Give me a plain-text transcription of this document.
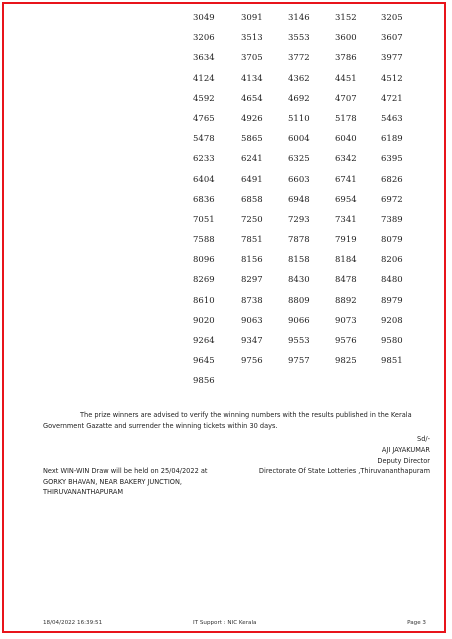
3049	3091	3146	3152	3205
3206	3513	3553	3600	3607
3634	3705	3772	3786	3977
4124	4134	4362	4451	4512
4592	4654	4692	4707	4721
4765	4926	5110	5178	5463
5478	5865	6004	6040	6189
6233	6241	6325	6342	6395
6404	6491	6603	6741	6826
6836	6858	6948	6954	6972
7051	7250	7293	7341	7389
7588	7851	7878	7919	8079
8096	8156	8158	8184	8206
8269	8297	8430	8478	8480
8610	8738	8809	8892	8979
9020	9063	9066	9073	9208
9264	9347	9553	9576	9580
9645	9756	9757	9825	9851
9856
The prize winners are advised to verify the winning numbers with the results published in the Kerala
Government Gazatte and surrender the winning tickets within 30 days.
Sd/-
AJI JAYAKUMAR
Deputy Director
Directorate Of State Lotteries ,Thiruvananthapuram
Next WIN-WIN Draw will be held on 25/04/2022 at
GORKY BHAVAN, NEAR BAKERY JUNCTION,
THIRUVANANTHAPURAM
18/04/2022 16:39:51	IT Support : NIC Kerala	Page 3
